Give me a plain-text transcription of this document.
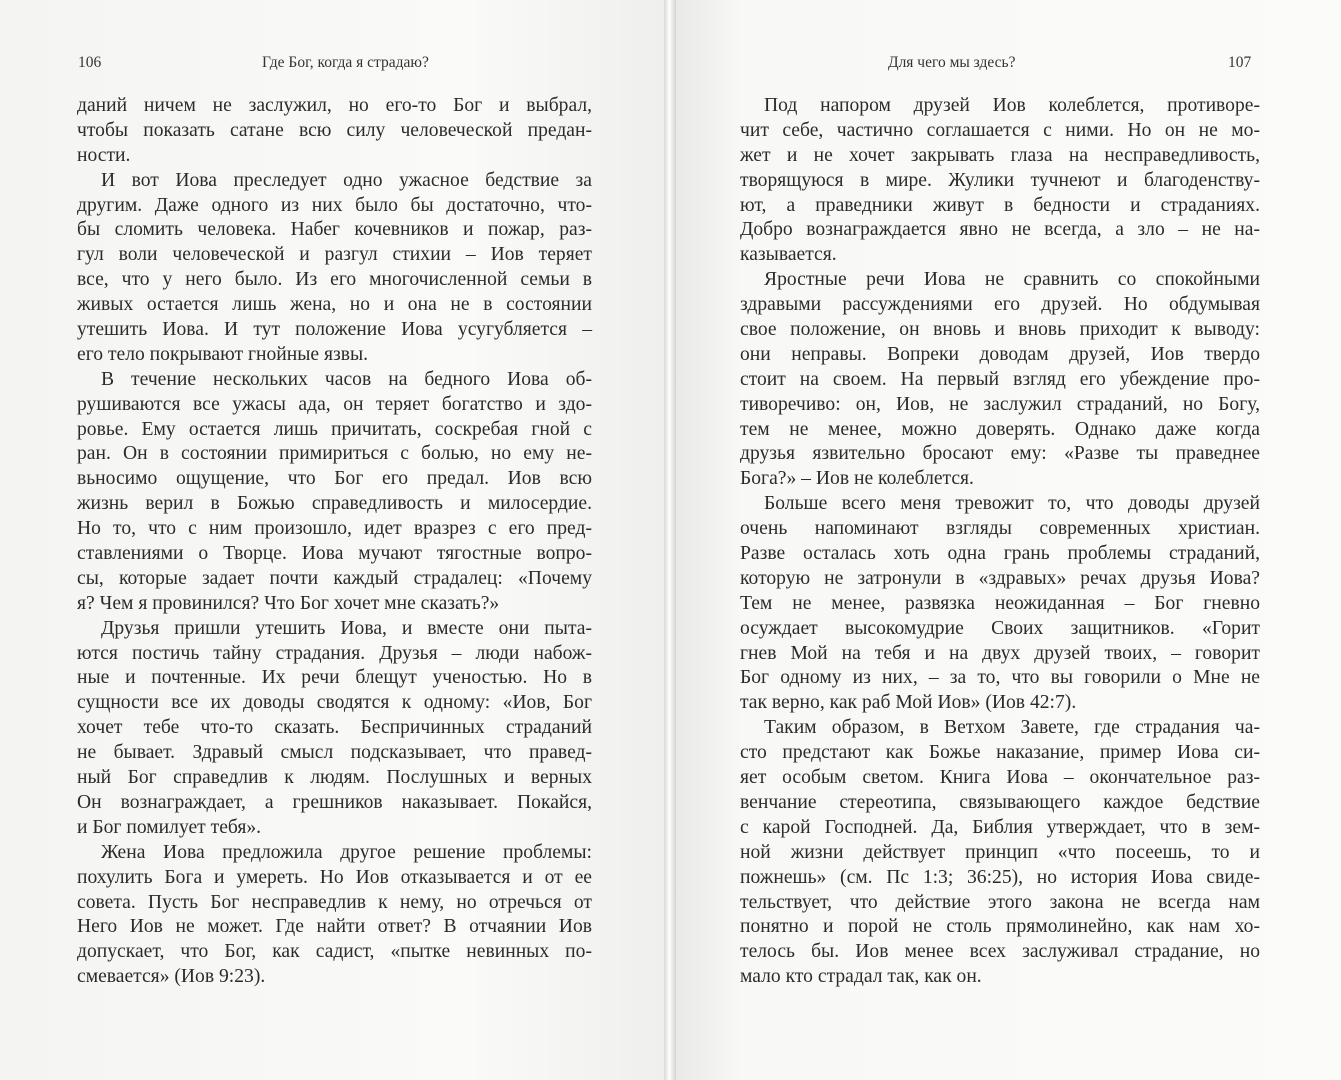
106	Где Бог, когда я страдаю?
даний ничем не заслужил, но его-то Бог и выбрал,
чтобы показать сатане всю силу человеческой предан-
ности.
И вот Иова преследует одно ужасное бедствие за
другим. Даже одного из них было бы достаточно, что-
бы сломить человека. Набег кочевников и пожар, раз-
гул воли человеческой и разгул стихии – Иов теряет
все, что у него было. Из его многочисленной семьи в
живых остается лишь жена, но и она не в состоянии
утешить Иова. И тут положение Иова усугубляется –
его тело покрывают гнойные язвы.
В течение нескольких часов на бедного Иова об-
рушиваются все ужасы ада, он теряет богатство и здо-
ровье. Ему остается лишь причитать, соскребая гной с
ран. Он в состоянии примириться с болью, но ему не-
вьносимо ощущение, что Бог его предал. Иов всю
жизнь верил в Божью справедливость и милосердие.
Но то, что с ним произошло, идет вразрез с его пред-
ставлениями о Творце. Иова мучают тягостные вопро-
сы, которые задает почти каждый страдалец: «Почему
я? Чем я провинился? Что Бог хочет мне сказать?»
Друзья пришли утешить Иова, и вместе они пыта-
ются постичь тайну страдания. Друзья – люди набож-
ные и почтенные. Их речи блещут ученостью. Но в
сущности все их доводы сводятся к одному: «Иов, Бог
хочет тебе что-то сказать. Беспричинных страданий
не бывает. Здравый смысл подсказывает, что правед-
ный Бог справедлив к людям. Послушных и верных
Он вознаграждает, а грешников наказывает. Покайся,
и Бог помилует тебя».
Жена Иова предложила другое решение проблемы:
похулить Бога и умереть. Но Иов отказывается и от ее
совета. Пусть Бог несправедлив к нему, но отречься от
Него Иов не может. Где найти ответ? В отчаянии Иов
допускает, что Бог, как садист, «пытке невинных по-
смевается» (Иов 9:23).
Для чего мы здесь?	107
Под напором друзей Иов колеблется, противоре-
чит себе, частично соглашается с ними. Но он не мо-
жет и не хочет закрывать глаза на несправедливость,
творящуюся в мире. Жулики тучнеют и благоденству-
ют, а праведники живут в бедности и страданиях.
Добро вознаграждается явно не всегда, а зло – не на-
казывается.
Яростные речи Иова не сравнить со спокойными
здравыми рассуждениями его друзей. Но обдумывая
свое положение, он вновь и вновь приходит к выводу:
они неправы. Вопреки доводам друзей, Иов твердо
стоит на своем. На первый взгляд его убеждение про-
тиворечиво: он, Иов, не заслужил страданий, но Богу,
тем не менее, можно доверять. Однако даже когда
друзья язвительно бросают ему: «Разве ты праведнее
Бога?» – Иов не колеблется.
Больше всего меня тревожит то, что доводы друзей
очень напоминают взгляды современных христиан.
Разве осталась хоть одна грань проблемы страданий,
которую не затронули в «здравых» речах друзья Иова?
Тем не менее, развязка неожиданная – Бог гневно
осуждает высокомудрие Своих защитников. «Горит
гнев Мой на тебя и на двух друзей твоих, – говорит
Бог одному из них, – за то, что вы говорили о Мне не
так верно, как раб Мой Иов» (Иов 42:7).
Таким образом, в Ветхом Завете, где страдания ча-
сто предстают как Божье наказание, пример Иова си-
яет особым светом. Книга Иова – окончательное раз-
венчание стереотипа, связывающего каждое бедствие
с карой Господней. Да, Библия утверждает, что в зем-
ной жизни действует принцип «что посеешь, то и
пожнешь» (см. Пс 1:3; 36:25), но история Иова свиде-
тельствует, что действие этого закона не всегда нам
понятно и порой не столь прямолинейно, как нам хо-
телось бы. Иов менее всех заслуживал страдание, но
мало кто страдал так, как он.
